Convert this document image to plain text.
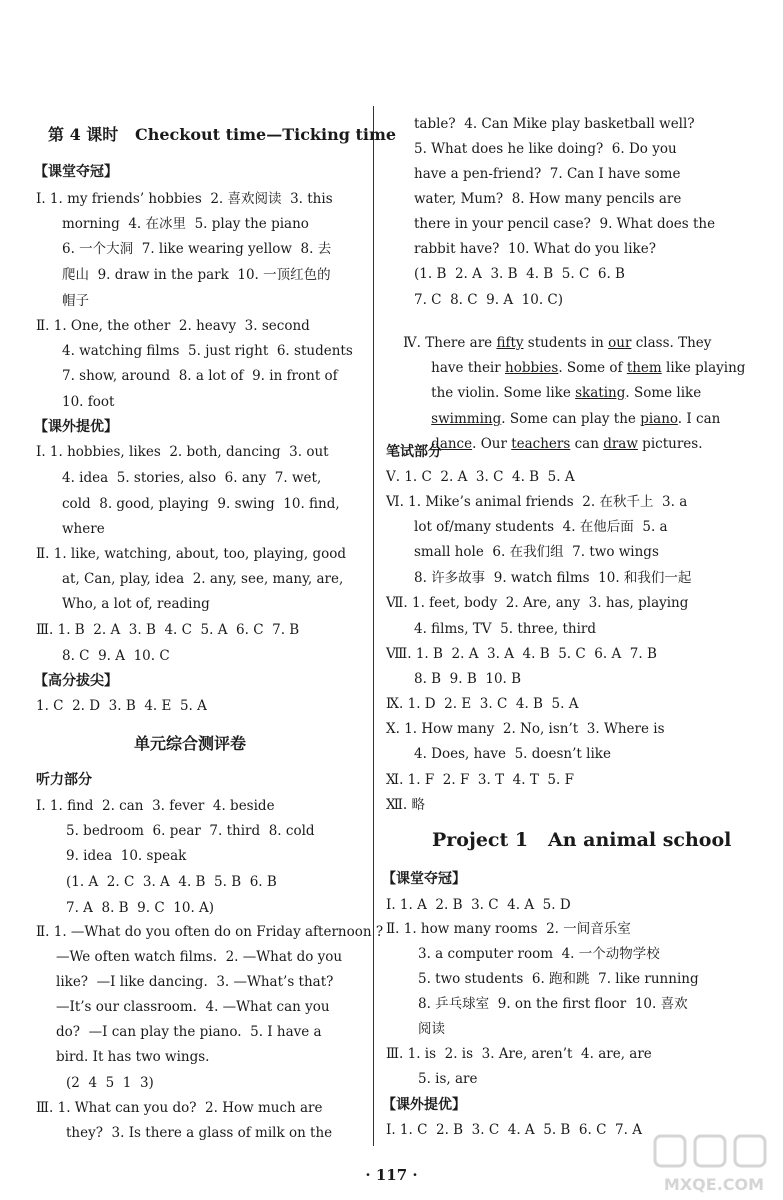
第 4 课时   Checkout time—Ticking time
【课堂夺冠】
Ⅰ. 1. my friends’ hobbies  2. 喜欢阅读  3. this
morning  4. 在冰里  5. play the piano
6. 一个大洞  7. like wearing yellow  8. 去
爬山  9. draw in the park  10. 一顶红色的
帽子
Ⅱ. 1. One, the other  2. heavy  3. second
4. watching films  5. just right  6. students
7. show, around  8. a lot of  9. in front of
10. foot
【课外提优】
Ⅰ. 1. hobbies, likes  2. both, dancing  3. out
4. idea  5. stories, also  6. any  7. wet,
cold  8. good, playing  9. swing  10. find,
where
Ⅱ. 1. like, watching, about, too, playing, good
at, Can, play, idea  2. any, see, many, are,
Who, a lot of, reading
Ⅲ. 1. B  2. A  3. B  4. C  5. A  6. C  7. B
8. C  9. A  10. C
【高分拔尖】
1. C  2. D  3. B  4. E  5. A
单元综合测评卷
听力部分
Ⅰ. 1. find  2. can  3. fever  4. beside
5. bedroom  6. pear  7. third  8. cold
9. idea  10. speak
(1. A  2. C  3. A  4. B  5. B  6. B
7. A  8. B  9. C  10. A)
Ⅱ. 1. —What do you often do on Friday afternoon ?
—We often watch films.  2. —What do you
like?  —I like dancing.  3. —What’s that?
—It’s our classroom.  4. —What can you
do?  —I can play the piano.  5. I have a
bird. It has two wings.
(2  4  5  1  3)
Ⅲ. 1. What can you do?  2. How much are
they?  3. Is there a glass of milk on the
table?  4. Can Mike play basketball well?
5. What does he like doing?  6. Do you
have a pen-friend?  7. Can I have some
water, Mum?  8. How many pencils are
there in your pencil case?  9. What does the
rabbit have?  10. What do you like?
(1. B  2. A  3. B  4. B  5. C  6. B
7. C  8. C  9. A  10. C)

Ⅳ. There are fifty students in our class. They

have their hobbies. Some of them like playing

the violin. Some like skating. Some like

swimming. Some can play the piano. I can

dance. Our teachers can draw pictures.

笔试部分
Ⅴ. 1. C  2. A  3. C  4. B  5. A
Ⅵ. 1. Mike’s animal friends  2. 在秋千上  3. a
lot of/many students  4. 在他后面  5. a
small hole  6. 在我们组  7. two wings
8. 许多故事  9. watch films  10. 和我们一起
Ⅶ. 1. feet, body  2. Are, any  3. has, playing
4. films, TV  5. three, third
Ⅷ. 1. B  2. A  3. A  4. B  5. C  6. A  7. B
8. B  9. B  10. B
Ⅸ. 1. D  2. E  3. C  4. B  5. A
Ⅹ. 1. How many  2. No, isn’t  3. Where is
4. Does, have  5. doesn’t like
Ⅺ. 1. F  2. F  3. T  4. T  5. F
Ⅻ. 略
Project 1   An animal school
【课堂夺冠】
Ⅰ. 1. A  2. B  3. C  4. A  5. D
Ⅱ. 1. how many rooms  2. 一间音乐室
3. a computer room  4. 一个动物学校
5. two students  6. 跑和跳  7. like running
8. 乒乓球室  9. on the first floor  10. 喜欢
阅读
Ⅲ. 1. is  2. is  3. Are, aren’t  4. are, are
5. is, are
【课外提优】
Ⅰ. 1. C  2. B  3. C  4. A  5. B  6. C  7. A
· 117 ·	MXQE.COM
